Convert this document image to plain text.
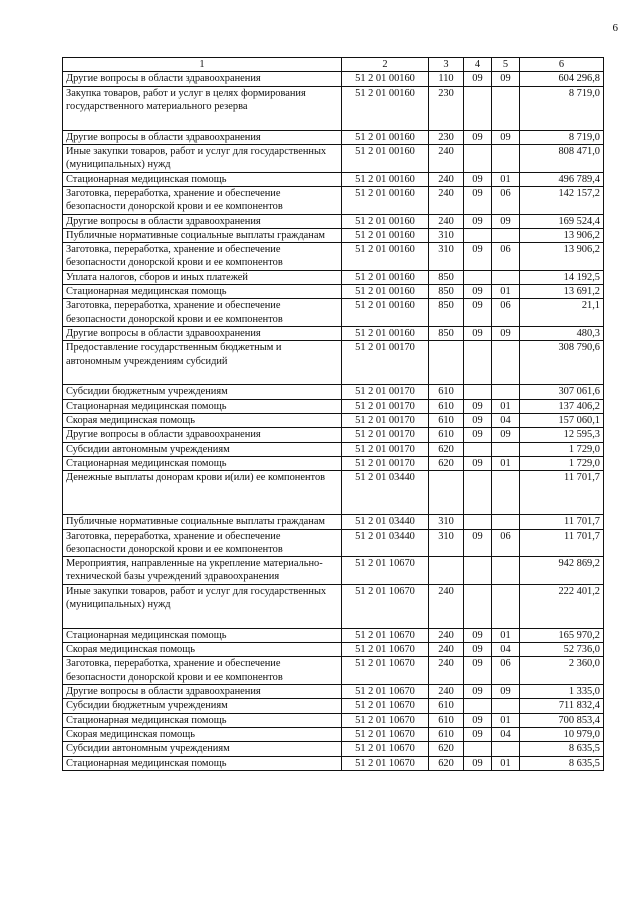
6
1	2	3	4	5	6
Другие вопросы в области здравоохранения	51 2 01 00160	110	09	09	604 296,8
Закупка товаров, работ и услуг в целях формирования государственного материального резерва	51 2 01 00160	230			8 719,0
Другие вопросы в области здравоохранения	51 2 01 00160	230	09	09	8 719,0
Иные закупки товаров, работ и услуг для государственных (муниципальных) нужд	51 2 01 00160	240			808 471,0
Стационарная медицинская помощь	51 2 01 00160	240	09	01	496 789,4
Заготовка, переработка, хранение и обеспечение безопасности донорской крови и ее компонентов	51 2 01 00160	240	09	06	142 157,2
Другие вопросы в области здравоохранения	51 2 01 00160	240	09	09	169 524,4
Публичные нормативные социальные выплаты гражданам	51 2 01 00160	310			13 906,2
Заготовка, переработка, хранение и обеспечение безопасности донорской крови и ее компонентов	51 2 01 00160	310	09	06	13 906,2
Уплата налогов, сборов и иных платежей	51 2 01 00160	850			14 192,5
Стационарная медицинская помощь	51 2 01 00160	850	09	01	13 691,2
Заготовка, переработка, хранение и обеспечение безопасности донорской крови и ее компонентов	51 2 01 00160	850	09	06	21,1
Другие вопросы в области здравоохранения	51 2 01 00160	850	09	09	480,3
Предоставление государственным бюджетным и автономным учреждениям субсидий	51 2 01 00170				308 790,6
Субсидии бюджетным учреждениям	51 2 01 00170	610			307 061,6
Стационарная медицинская помощь	51 2 01 00170	610	09	01	137 406,2
Скорая медицинская помощь	51 2 01 00170	610	09	04	157 060,1
Другие вопросы в области здравоохранения	51 2 01 00170	610	09	09	12 595,3
Субсидии автономным учреждениям	51 2 01 00170	620			1 729,0
Стационарная медицинская помощь	51 2 01 00170	620	09	01	1 729,0
Денежные выплаты донорам крови и(или) ее компонентов	51 2 01 03440				11 701,7
Публичные нормативные социальные выплаты гражданам	51 2 01 03440	310			11 701,7
Заготовка, переработка, хранение и обеспечение безопасности донорской крови и ее компонентов	51 2 01 03440	310	09	06	11 701,7
Мероприятия, направленные на укрепление материально-технической базы учреждений здравоохранения	51 2 01 10670				942 869,2
Иные закупки товаров, работ и услуг для государственных (муниципальных) нужд	51 2 01 10670	240			222 401,2
Стационарная медицинская помощь	51 2 01 10670	240	09	01	165 970,2
Скорая медицинская помощь	51 2 01 10670	240	09	04	52 736,0
Заготовка, переработка, хранение и обеспечение безопасности донорской крови и ее компонентов	51 2 01 10670	240	09	06	2 360,0
Другие вопросы в области здравоохранения	51 2 01 10670	240	09	09	1 335,0
Субсидии бюджетным учреждениям	51 2 01 10670	610			711 832,4
Стационарная медицинская помощь	51 2 01 10670	610	09	01	700 853,4
Скорая медицинская помощь	51 2 01 10670	610	09	04	10 979,0
Субсидии автономным учреждениям	51 2 01 10670	620			8 635,5
Стационарная медицинская помощь	51 2 01 10670	620	09	01	8 635,5
